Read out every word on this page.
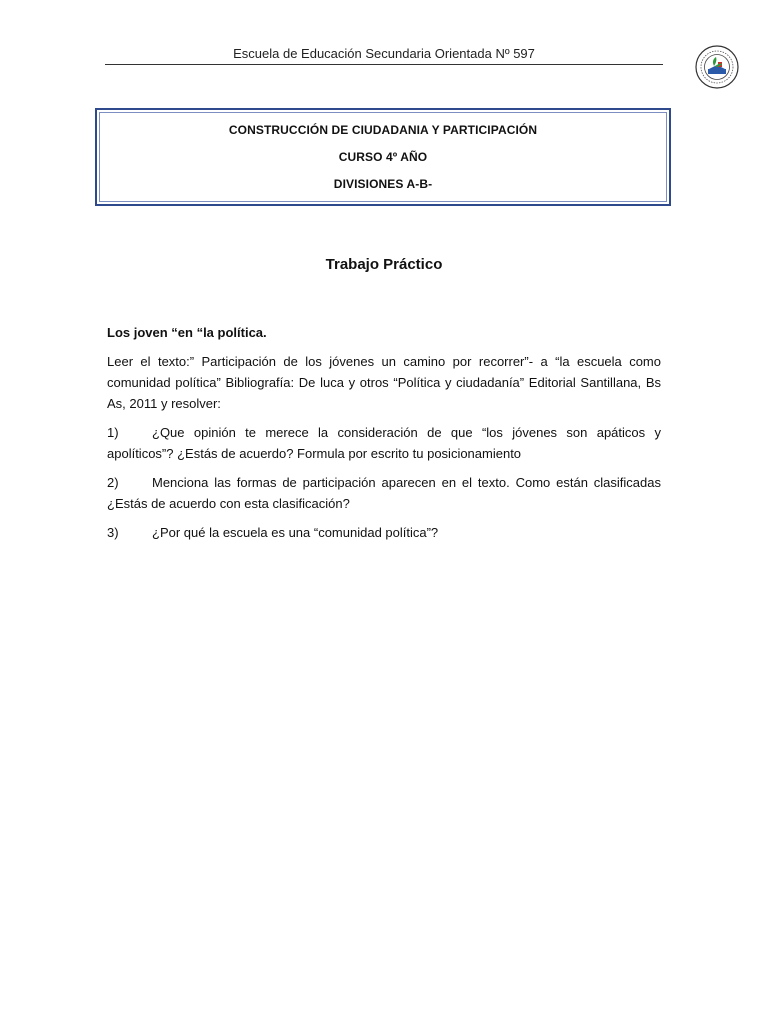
Escuela de Educación Secundaria Orientada Nº 597
CONSTRUCCIÓN DE CIUDADANIA Y PARTICIPACIÓN
CURSO 4º AÑO
DIVISIONES A-B-
Trabajo Práctico

Los joven “en “la política.

Leer el texto:” Participación de los jóvenes un camino por recorrer”- a “la escuela como comunidad política” Bibliografía: De luca y otros “Política y ciudadanía” Editorial Santillana, Bs As, 2011 y resolver:

1)	¿Que opinión te merece la consideración de que “los jóvenes son apáticos y apolíticos”? ¿Estás de acuerdo? Formula por escrito tu posicionamiento

2)	Menciona las formas de participación aparecen en el texto. Como están clasificadas ¿Estás de acuerdo con esta clasificación?

3)	¿Por qué la escuela es una “comunidad política”?
